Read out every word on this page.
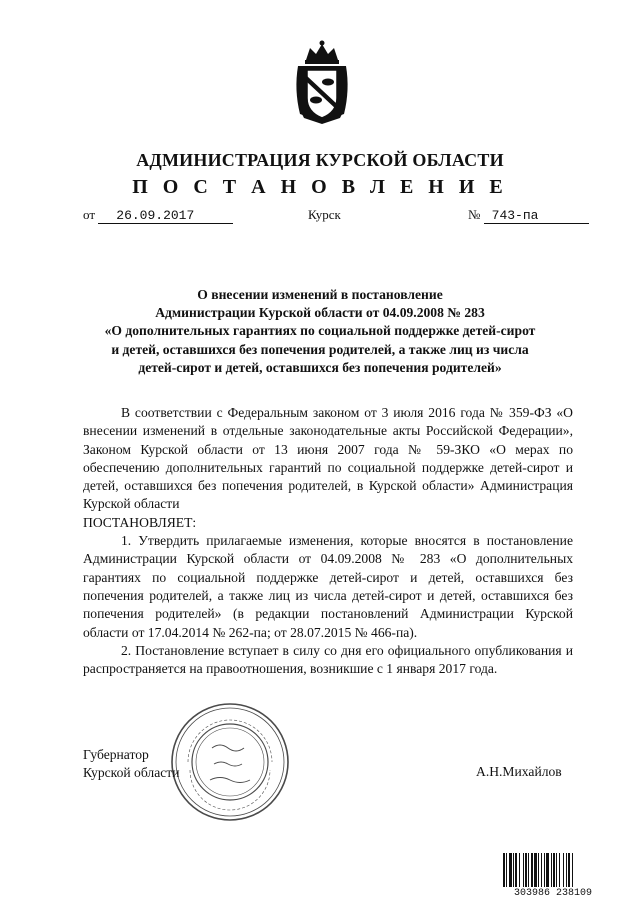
АДМИНИСТРАЦИЯ КУРСКОЙ ОБЛАСТИ
П О С Т А Н О В Л Е Н И Е
от 26.09.2017	Курск	№ 743-па
О внесении изменений в постановление
Администрации Курской области от 04.09.2008 № 283
«О дополнительных гарантиях по социальной поддержке детей-сирот
и детей, оставшихся без попечения родителей, а также лиц из числа
детей-сирот и детей, оставшихся без попечения родителей»

В соответствии с Федеральным законом от 3 июля 2016 года № 359-ФЗ «О внесении изменений в отдельные законодательные акты Российской Федерации», Законом Курской области от 13 июня 2007 года № 59-ЗКО «О мерах по обеспечению дополнительных гарантий по социальной поддержке детей-сирот и детей, оставшихся без попечения родителей, в Курской области» Администрация Курской области

ПОСТАНОВЛЯЕТ:

1. Утвердить прилагаемые изменения, которые вносятся в постановление Администрации Курской области от 04.09.2008 № 283 «О дополнительных гарантиях по социальной поддержке детей-сирот и детей, оставшихся без попечения родителей, а также лиц из числа детей-сирот и детей, оставшихся без попечения родителей» (в редакции постановлений Администрации Курской области от 17.04.2014 № 262-па; от 28.07.2015 № 466-па).

2. Постановление вступает в силу со дня его официального опубликования и распространяется на правоотношения, возникшие с 1 января 2017 года.

Губернатор
Курской области	А.Н.Михайлов
303986 238109
